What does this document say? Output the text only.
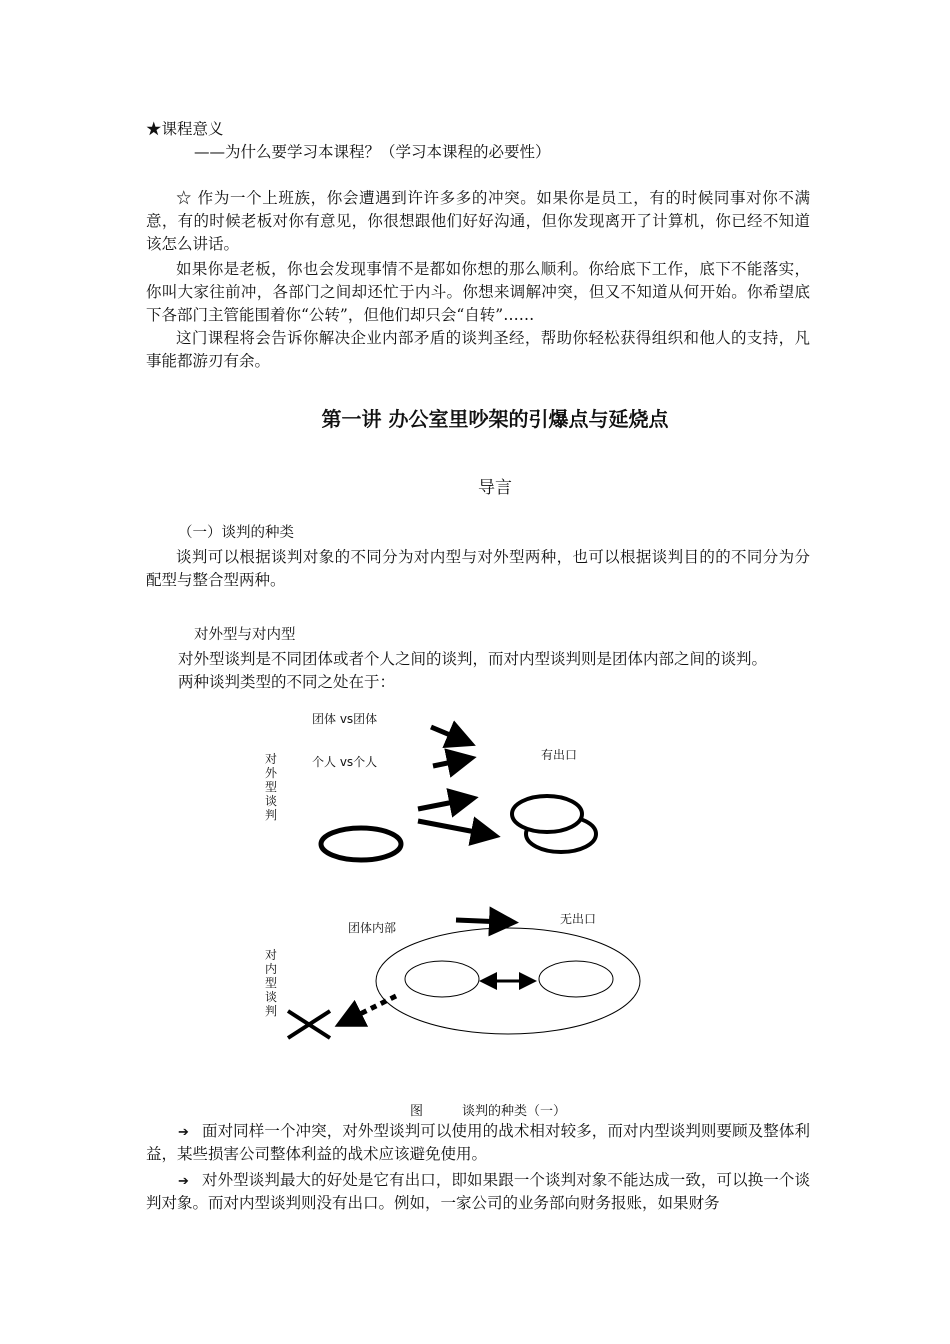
★课程意义
——为什么要学习本课程？（学习本课程的必要性）
☆ 作为一个上班族，你会遭遇到许许多多的冲突。如果你是员工，有的时候同事对你不满意，有的时候老板对你有意见，你很想跟他们好好沟通，但你发现离开了计算机，你已经不知道该怎么讲话。
如果你是老板，你也会发现事情不是都如你想的那么顺利。你给底下工作，底下不能落实，你叫大家往前冲，各部门之间却还忙于内斗。你想来调解冲突，但又不知道从何开始。你希望底下各部门主管能围着你“公转”，但他们却只会“自转”……
这门课程将会告诉你解决企业内部矛盾的谈判圣经，帮助你轻松获得组织和他人的支持，凡事能都游刃有余。
第一讲 办公室里吵架的引爆点与延烧点
导言
（一）谈判的种类
谈判可以根据谈判对象的不同分为对内型与对外型两种，也可以根据谈判目的的不同分为分配型与整合型两种。
对外型与对内型
对外型谈判是不同团体或者个人之间的谈判，而对内型谈判则是团体内部之间的谈判。
两种谈判类型的不同之处在于：
团体 vs团体
个人 vs个人	有出口
团体内部
无出口
对外型谈判
对内型谈判
图	谈判的种类（一）
➔ 面对同样一个冲突，对外型谈判可以使用的战术相对较多，而对内型谈判则要顾及整体利益，某些损害公司整体利益的战术应该避免使用。
➔ 对外型谈判最大的好处是它有出口，即如果跟一个谈判对象不能达成一致，可以换一个谈判对象。而对内型谈判则没有出口。例如，一家公司的业务部向财务报账，如果财务
